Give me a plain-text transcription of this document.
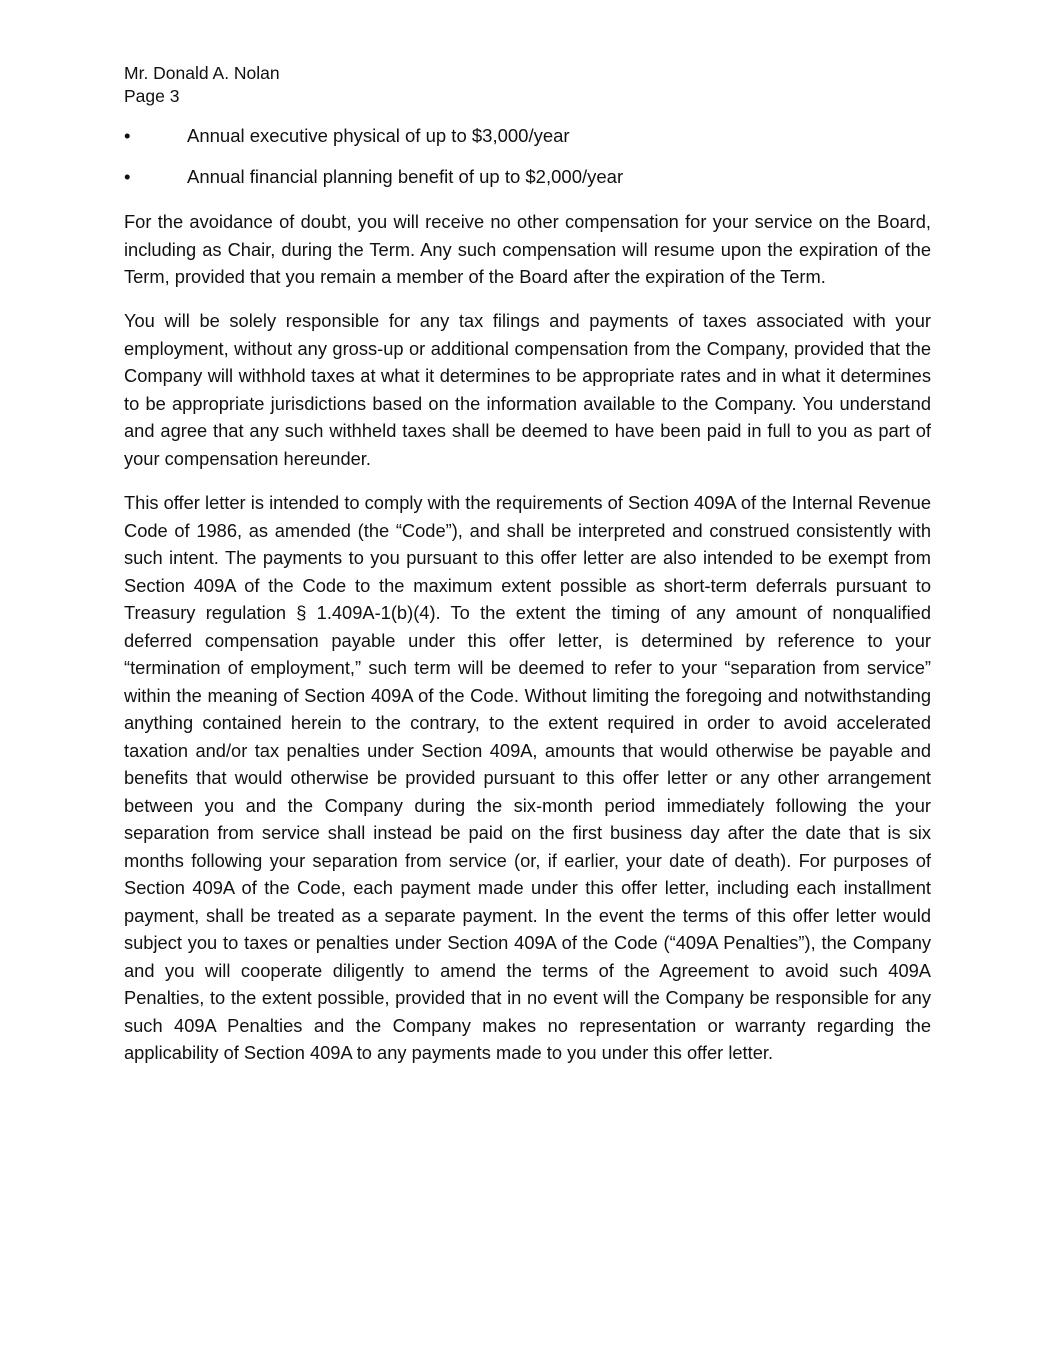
Mr. Donald A. Nolan
Page 3
•	Annual executive physical of up to $3,000/year
•	Annual financial planning benefit of up to $2,000/year

For the avoidance of doubt, you will receive no other compensation for your service on the Board, including as Chair, during the Term. Any such compensation will resume upon the expiration of the Term, provided that you remain a member of the Board after the expiration of the Term.

You will be solely responsible for any tax filings and payments of taxes associated with your employment, without any gross-up or additional compensation from the Company, provided that the Company will withhold taxes at what it determines to be appropriate rates and in what it determines to be appropriate jurisdictions based on the information available to the Company. You understand and agree that any such withheld taxes shall be deemed to have been paid in full to you as part of your compensation hereunder.

This offer letter is intended to comply with the requirements of Section 409A of the Internal Revenue Code of 1986, as amended (the “Code”), and shall be interpreted and construed consistently with such intent. The payments to you pursuant to this offer letter are also intended to be exempt from Section 409A of the Code to the maximum extent possible as short-term deferrals pursuant to Treasury regulation § 1.409A-1(b)(4). To the extent the timing of any amount of nonqualified deferred compensation payable under this offer letter, is determined by reference to your “termination of employment,” such term will be deemed to refer to your “separation from service” within the meaning of Section 409A of the Code. Without limiting the foregoing and notwithstanding anything contained herein to the contrary, to the extent required in order to avoid accelerated taxation and/or tax penalties under Section 409A, amounts that would otherwise be payable and benefits that would otherwise be provided pursuant to this offer letter or any other arrangement between you and the Company during the six-month period immediately following the your separation from service shall instead be paid on the first business day after the date that is six months following your separation from service (or, if earlier, your date of death). For purposes of Section 409A of the Code, each payment made under this offer letter, including each installment payment, shall be treated as a separate payment. In the event the terms of this offer letter would subject you to taxes or penalties under Section 409A of the Code (“409A Penalties”), the Company and you will cooperate diligently to amend the terms of the Agreement to avoid such 409A Penalties, to the extent possible, provided that in no event will the Company be responsible for any such 409A Penalties and the Company makes no representation or warranty regarding the applicability of Section 409A to any payments made to you under this offer letter.
